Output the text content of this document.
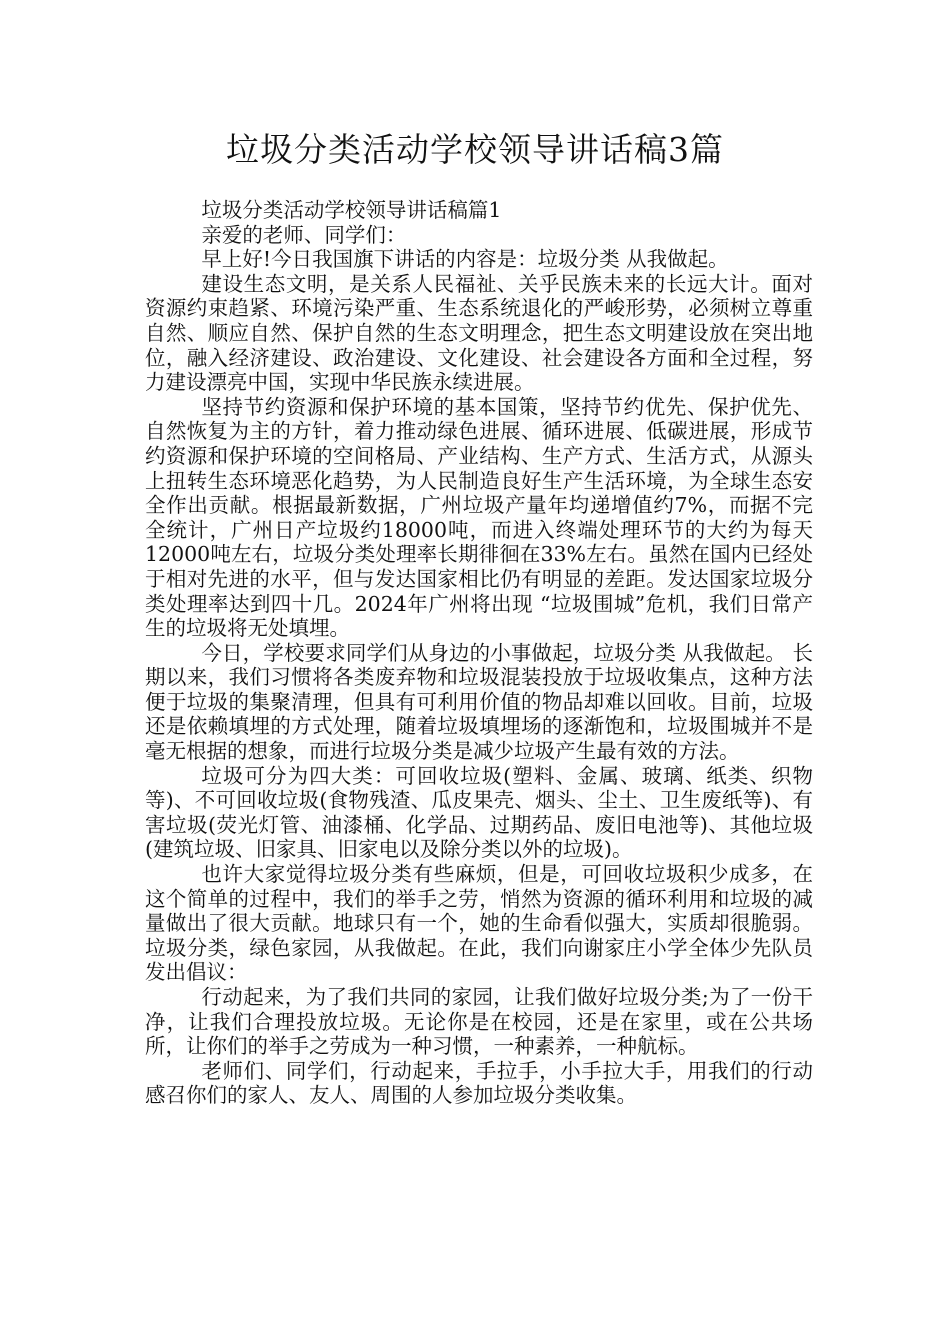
垃圾分类活动学校领导讲话稿3篇

垃圾分类活动学校领导讲话稿篇1

亲爱的老师、同学们：

早上好!今日我国旗下讲话的内容是：垃圾分类 从我做起。

建设生态文明，是关系人民福祉、关乎民族未来的长远大计。面对资源约束趋紧、环境污染严重、生态系统退化的严峻形势，必须树立尊重自然、顺应自然、保护自然的生态文明理念，把生态文明建设放在突出地位，融入经济建设、政治建设、文化建设、社会建设各方面和全过程，努力建设漂亮中国，实现中华民族永续进展。

坚持节约资源和保护环境的基本国策，坚持节约优先、保护优先、自然恢复为主的方针，着力推动绿色进展、循环进展、低碳进展，形成节约资源和保护环境的空间格局、产业结构、生产方式、生活方式，从源头上扭转生态环境恶化趋势，为人民制造良好生产生活环境，为全球生态安全作出贡献。根据最新数据，广州垃圾产量年均递增值约7%，而据不完全统计，广州日产垃圾约18000吨，而进入终端处理环节的大约为每天12000吨左右，垃圾分类处理率长期徘徊在33%左右。虽然在国内已经处于相对先进的水平，但与发达国家相比仍有明显的差距。发达国家垃圾分类处理率达到四十几。2024年广州将出现 “垃圾围城”危机，我们日常产生的垃圾将无处填埋。

今日，学校要求同学们从身边的小事做起，垃圾分类 从我做起。 长期以来，我们习惯将各类废弃物和垃圾混装投放于垃圾收集点，这种方法便于垃圾的集聚清理，但具有可利用价值的物品却难以回收。目前，垃圾还是依赖填埋的方式处理，随着垃圾填埋场的逐渐饱和，垃圾围城并不是毫无根据的想象，而进行垃圾分类是减少垃圾产生最有效的方法。

垃圾可分为四大类：可回收垃圾(塑料、金属、玻璃、纸类、织物等)、不可回收垃圾(食物残渣、瓜皮果壳、烟头、尘土、卫生废纸等)、有害垃圾(荧光灯管、油漆桶、化学品、过期药品、废旧电池等)、其他垃圾(建筑垃圾、旧家具、旧家电以及除分类以外的垃圾)。

也许大家觉得垃圾分类有些麻烦，但是，可回收垃圾积少成多，在这个简单的过程中，我们的举手之劳，悄然为资源的循环利用和垃圾的减量做出了很大贡献。地球只有一个，她的生命看似强大，实质却很脆弱。垃圾分类，绿色家园，从我做起。在此，我们向谢家庄小学全体少先队员发出倡议：

行动起来，为了我们共同的家园，让我们做好垃圾分类;为了一份干净，让我们合理投放垃圾。无论你是在校园，还是在家里，或在公共场所，让你们的举手之劳成为一种习惯，一种素养，一种航标。

老师们、同学们，行动起来，手拉手，小手拉大手，用我们的行动感召你们的家人、友人、周围的人参加垃圾分类收集。
